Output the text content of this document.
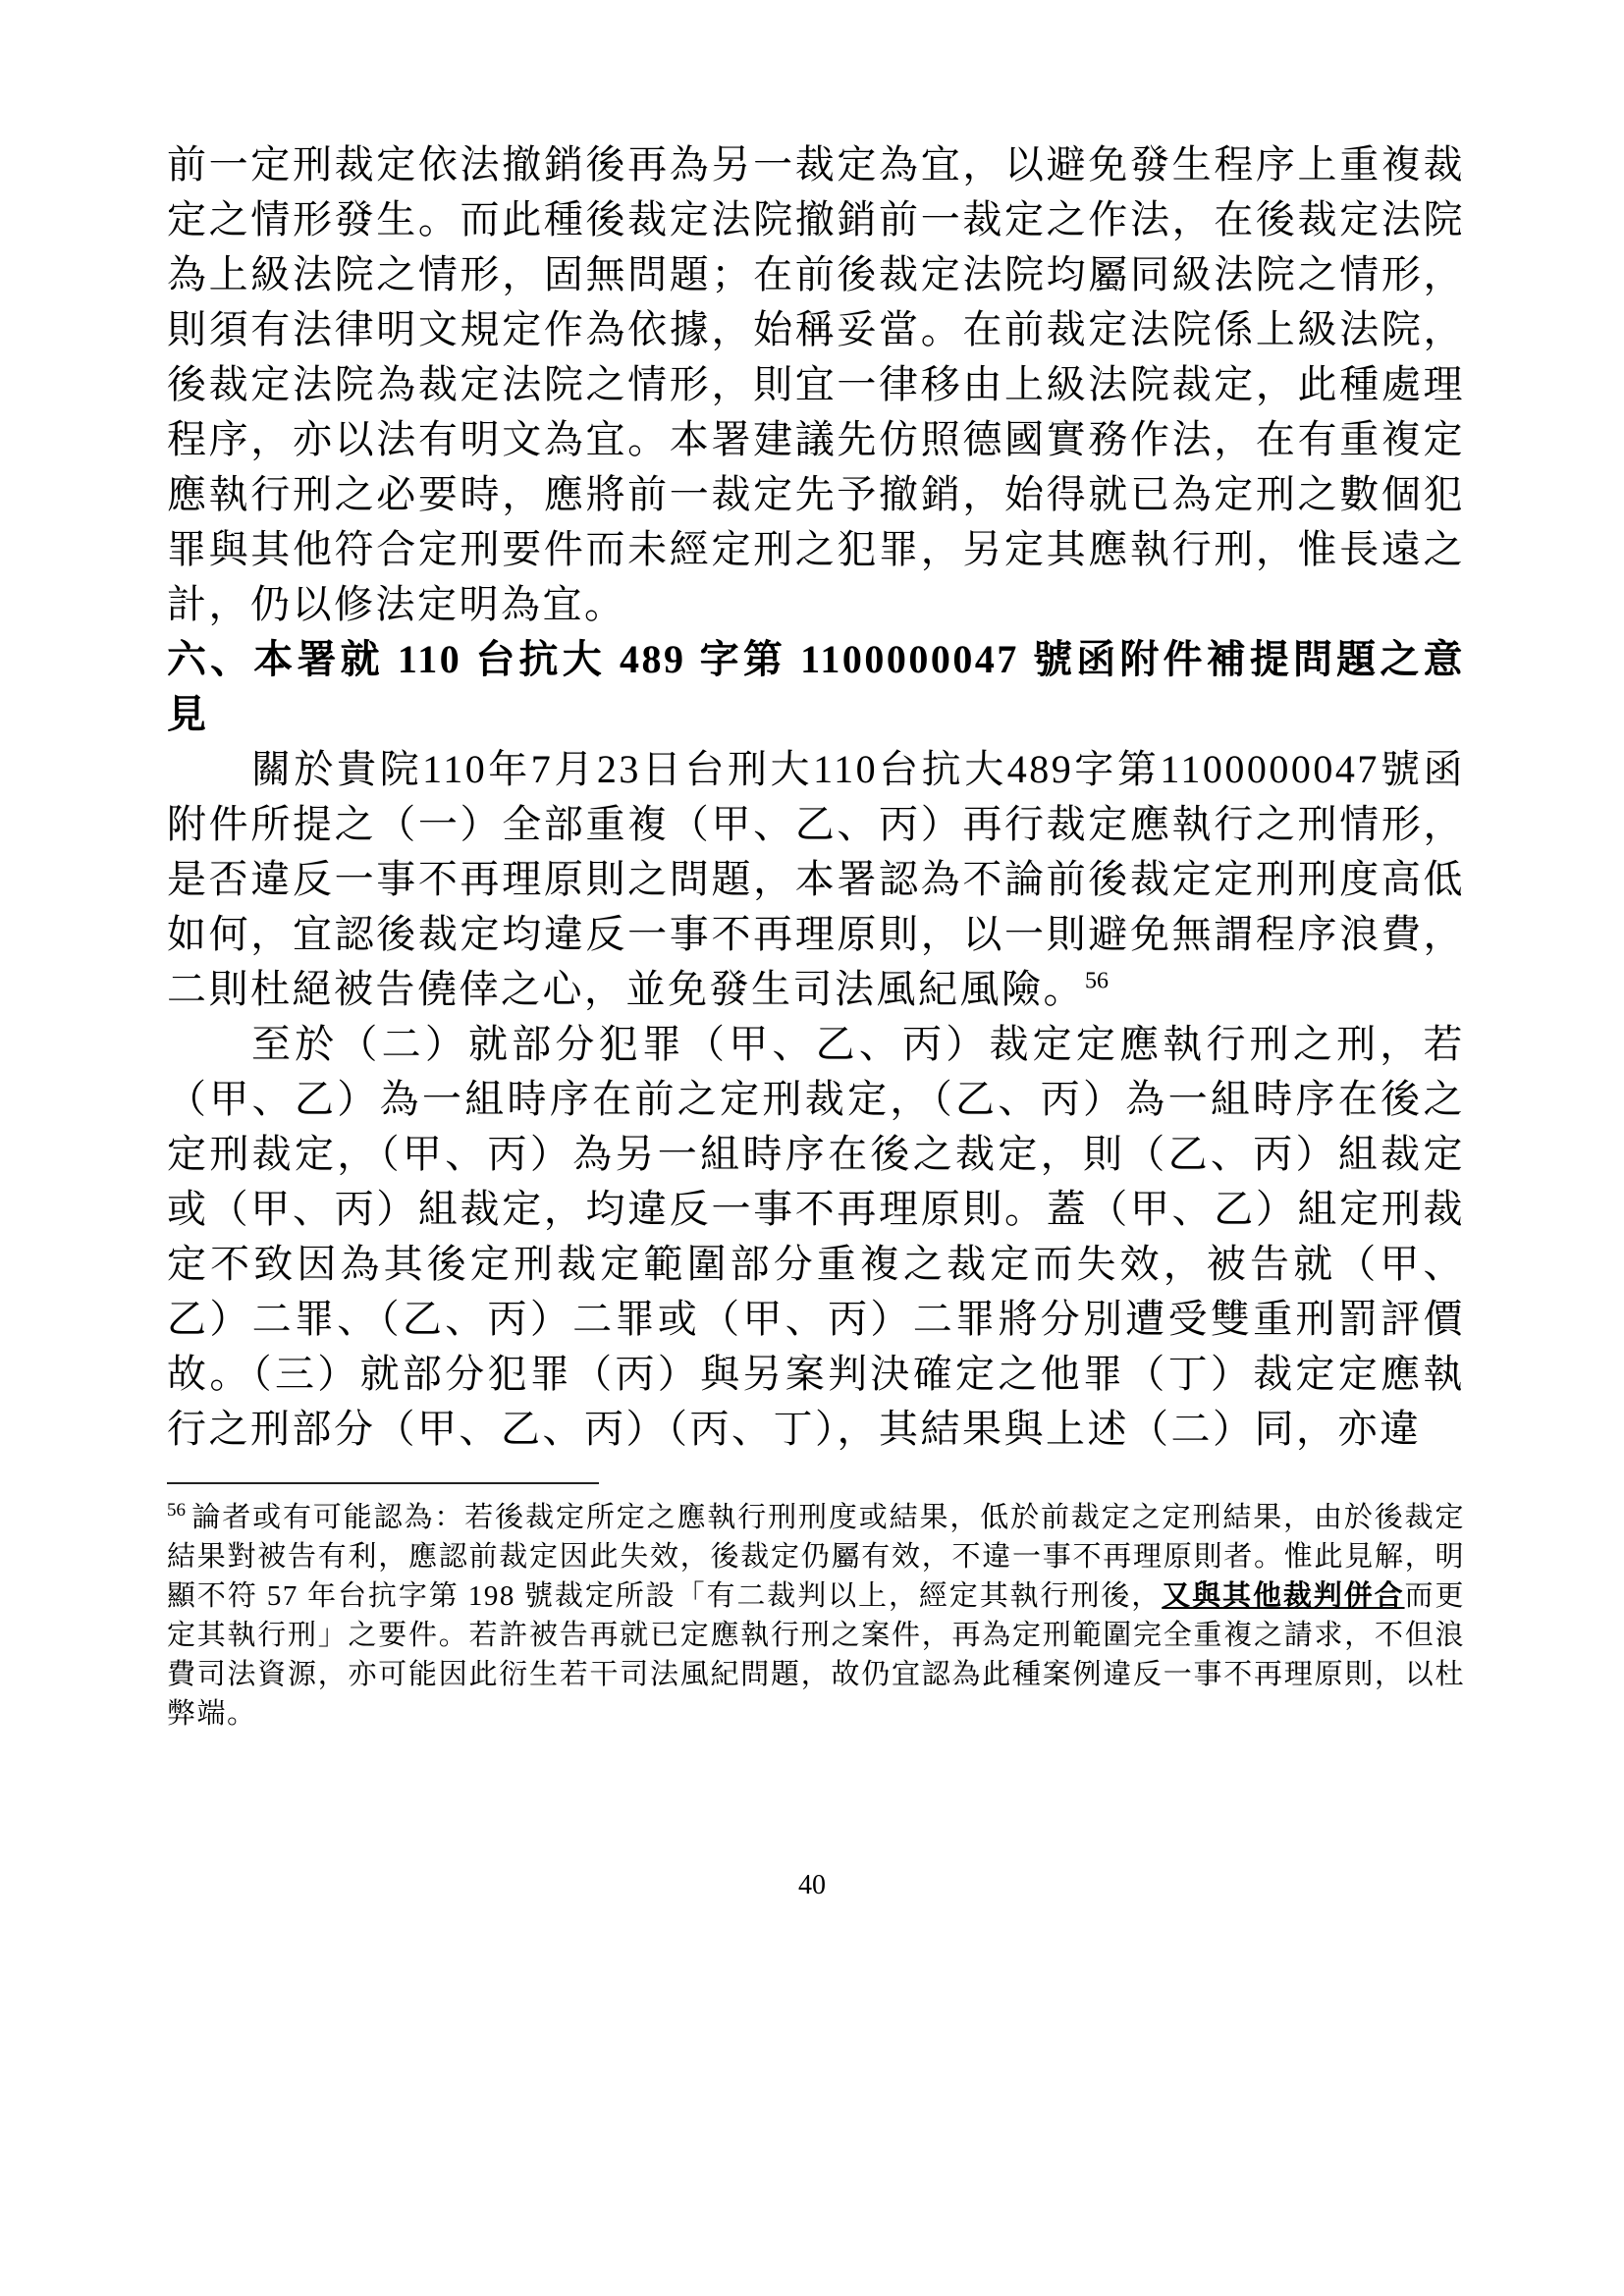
前一定刑裁定依法撤銷後再為另一裁定為宜，以避免發生程序上重複裁定之情形發生。而此種後裁定法院撤銷前一裁定之作法，在後裁定法院為上級法院之情形，固無問題；在前後裁定法院均屬同級法院之情形，則須有法律明文規定作為依據，始稱妥當。在前裁定法院係上級法院，後裁定法院為裁定法院之情形，則宜一律移由上級法院裁定，此種處理程序，亦以法有明文為宜。本署建議先仿照德國實務作法，在有重複定應執行刑之必要時，應將前一裁定先予撤銷，始得就已為定刑之數個犯罪與其他符合定刑要件而未經定刑之犯罪，另定其應執行刑，惟長遠之計，仍以修法定明為宜。

六、本署就 110 台抗大 489 字第 1100000047 號函附件補提問題之意見

關於貴院110年7月23日台刑大110台抗大489字第1100000047號函附件所提之（一）全部重複（甲、乙、丙）再行裁定應執行之刑情形，是否違反一事不再理原則之問題，本署認為不論前後裁定定刑刑度高低如何，宜認後裁定均違反一事不再理原則，以一則避免無謂程序浪費，二則杜絕被告僥倖之心，並免發生司法風紀風險。$^{56}$

至於（二）就部分犯罪（甲、乙、丙）裁定定應執行刑之刑，若（甲、乙）為一組時序在前之定刑裁定，（乙、丙）為一組時序在後之定刑裁定，（甲、丙）為另一組時序在後之裁定，則（乙、丙）組裁定或（甲、丙）組裁定，均違反一事不再理原則。蓋（甲、乙）組定刑裁定不致因為其後定刑裁定範圍部分重複之裁定而失效，被告就（甲、乙）二罪、（乙、丙）二罪或（甲、丙）二罪將分別遭受雙重刑罰評價故。（三）就部分犯罪（丙）與另案判決確定之他罪（丁）裁定定應執行之刑部分（甲、乙、丙）（丙、丁），其結果與上述（二）同，亦違

$^{56}$ 論者或有可能認為：若後裁定所定之應執行刑刑度或結果，低於前裁定之定刑結果，由於後裁定結果對被告有利，應認前裁定因此失效，後裁定仍屬有效，不違一事不再理原則者。惟此見解，明顯不符 57 年台抗字第 198 號裁定所設「有二裁判以上，經定其執行刑後，又與其他裁判併合而更定其執行刑」之要件。若許被告再就已定應執行刑之案件，再為定刑範圍完全重複之請求，不但浪費司法資源，亦可能因此衍生若干司法風紀問題，故仍宜認為此種案例違反一事不再理原則，以杜弊端。

40
